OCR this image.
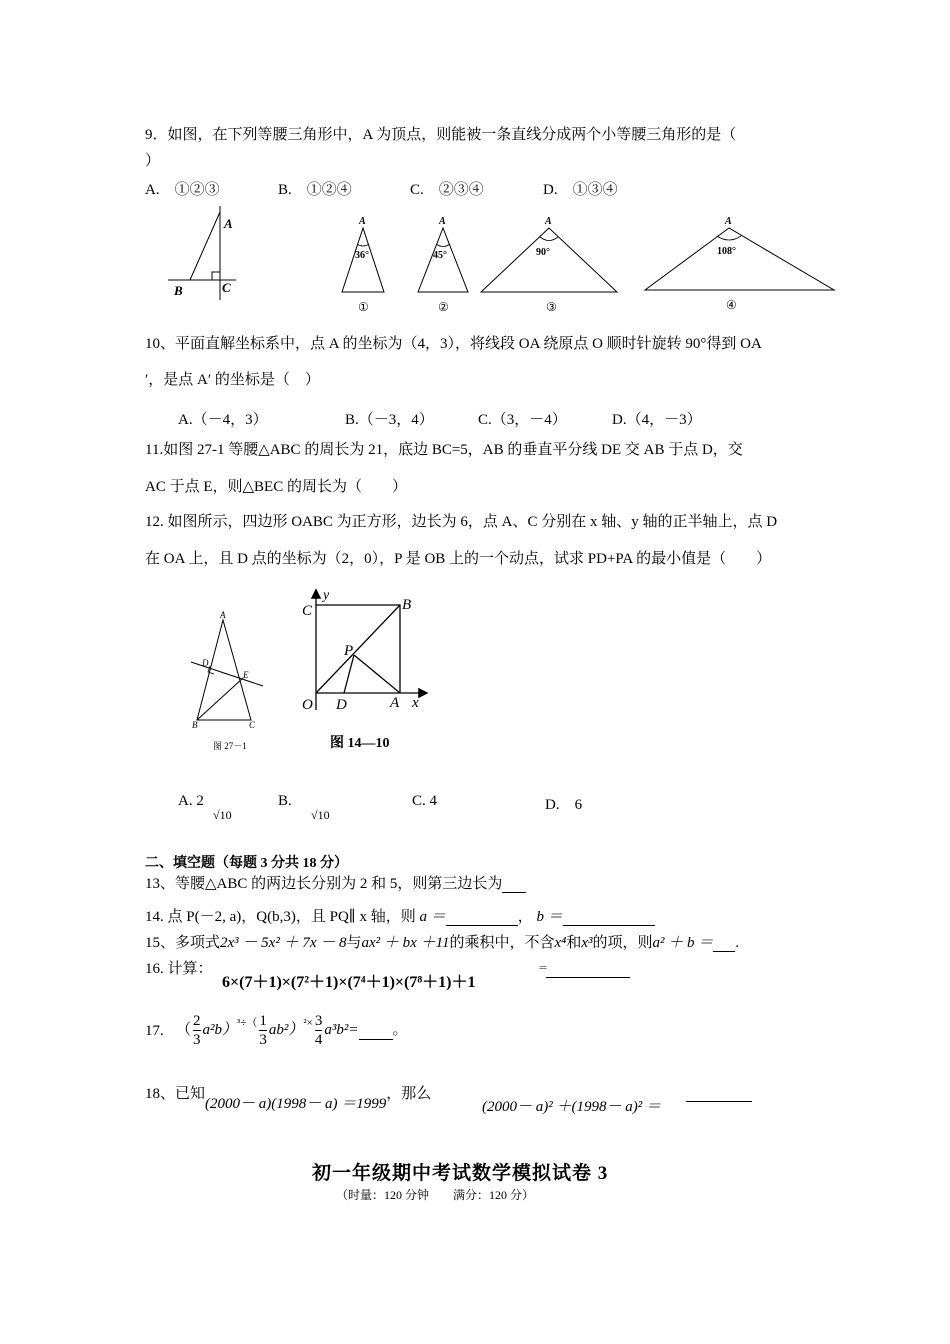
9．如图，在下列等腰三角形中，A 为顶点，则能被一条直线分成两个小等腰三角形的是（
）
A.　①②③	B.　①②④	C.　②③④	D.　①③④
A
B	C
A
36°
①
A
45°
②
A
90°
③
A
108°
④
10、平面直解坐标系中，点 A 的坐标为（4，3），将线段 OA 绕原点 O 顺时针旋转 90°得到 OA
′，是点 A′ 的坐标是（　）
A.（－4，3）	B.（－3，4）	C.（3，－4）	D.（4，－3）
11.如图 27-1 等腰△ABC 的周长为 21，底边 BC=5，AB 的垂直平分线 DE 交 AB 于点 D，交
AC 于点 E，则△BEC 的周长为（　　）
12. 如图所示，四边形 OABC 为正方形，边长为 6，点 A、C 分别在 x 轴、y 轴的正半轴上，点 D
在 OA 上，且 D 点的坐标为（2，0），P 是 OB 上的一个动点，试求 PD+PA 的最小值是（　　）
A
D
E
B	C
图 27－1
y
C	B
P
O D	A x
图 14—10
A. 2
√10
B.
√10
C. 4	D.　6
二、填空题（每题 3 分共 18 分）
13、等腰△ABC 的两边长分别为 2 和 5，则第三边长为
14. 点 P(－2, a)，Q(b,3)，且 PQ∥ x 轴，则 a ＝	， b ＝
15、多项式2x³ － 5x² ＋ 7x － 8与ax² ＋ bx ＋11的乘积中，不含x⁴和x³的项，则a² ＋ b ＝ .
16. 计算：
6×(7＋1)×(7²＋1)×(7⁴＋1)×(7⁸＋1)＋1
＝
17. （ $\frac{2}{3} a^2b)^{^3\div(} \frac{1}{3} ab^2)^{^2\times} \frac{3}{4} a^3b^2=$ 。
18、已知(2000－ a)(1998－ a) ＝1999，那么
(2000－ a)² ＋(1998－ a)² ＝
初一年级期中考试数学模拟试卷 3
（时量：120 分钟　　满分：120 分）
